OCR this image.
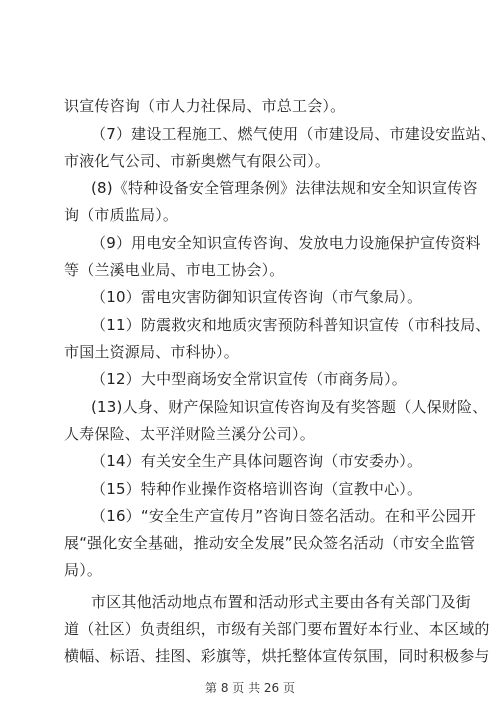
识宣传咨询（市人力社保局、市总工会）。
（7）建设工程施工、燃气使用（市建设局、市建设安监站、
市液化气公司、市新奥燃气有限公司）。
(8)《特种设备安全管理条例》法律法规和安全知识宣传咨
询（市质监局）。
（9）用电安全知识宣传咨询、发放电力设施保护宣传资料
等（兰溪电业局、市电工协会）。
（10）雷电灾害防御知识宣传咨询（市气象局）。
（11）防震救灾和地质灾害预防科普知识宣传（市科技局、
市国土资源局、市科协）。
（12）大中型商场安全常识宣传（市商务局）。
(13)人身、财产保险知识宣传咨询及有奖答题（人保财险、
人寿保险、太平洋财险兰溪分公司）。
（14）有关安全生产具体问题咨询（市安委办）。
（15）特种作业操作资格培训咨询（宣教中心）。
（16）“安全生产宣传月”咨询日签名活动。在和平公园开
展“强化安全基础，推动安全发展”民众签名活动（市安全监管
局）。
市区其他活动地点布置和活动形式主要由各有关部门及街
道（社区）负责组织，市级有关部门要布置好本行业、本区域的
横幅、标语、挂图、彩旗等，烘托整体宣传氛围，同时积极参与
第 8 页 共 26 页
